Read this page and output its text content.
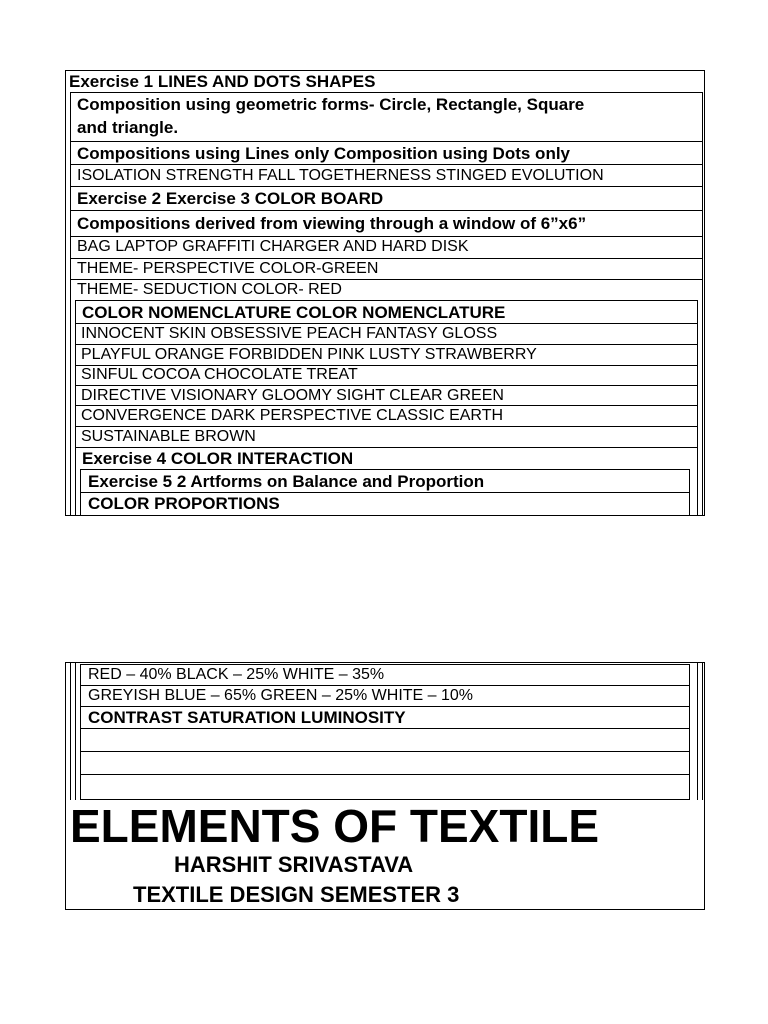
Exercise 1 LINES AND DOTS SHAPES
Composition using geometric forms- Circle, Rectangle, Square
and triangle.
Compositions using Lines only Composition using Dots only
ISOLATION STRENGTH FALL TOGETHERNESS STINGED EVOLUTION
Exercise 2 Exercise 3 COLOR BOARD
Compositions derived from viewing through a window of 6”x6”
BAG LAPTOP GRAFFITI CHARGER AND HARD DISK
THEME- PERSPECTIVE COLOR-GREEN
THEME- SEDUCTION COLOR- RED
COLOR NOMENCLATURE COLOR NOMENCLATURE
INNOCENT SKIN OBSESSIVE PEACH FANTASY GLOSS
PLAYFUL ORANGE FORBIDDEN PINK LUSTY STRAWBERRY
SINFUL COCOA CHOCOLATE TREAT
DIRECTIVE VISIONARY GLOOMY SIGHT CLEAR GREEN
CONVERGENCE DARK PERSPECTIVE CLASSIC EARTH
SUSTAINABLE BROWN
Exercise 4 COLOR INTERACTION
Exercise 5 2 Artforms on Balance and Proportion
COLOR PROPORTIONS
RED – 40% BLACK – 25% WHITE – 35%
GREYISH BLUE – 65% GREEN – 25% WHITE – 10%
CONTRAST SATURATION LUMINOSITY
ELEMENTS OF TEXTILE
HARSHIT SRIVASTAVA
TEXTILE DESIGN SEMESTER 3
